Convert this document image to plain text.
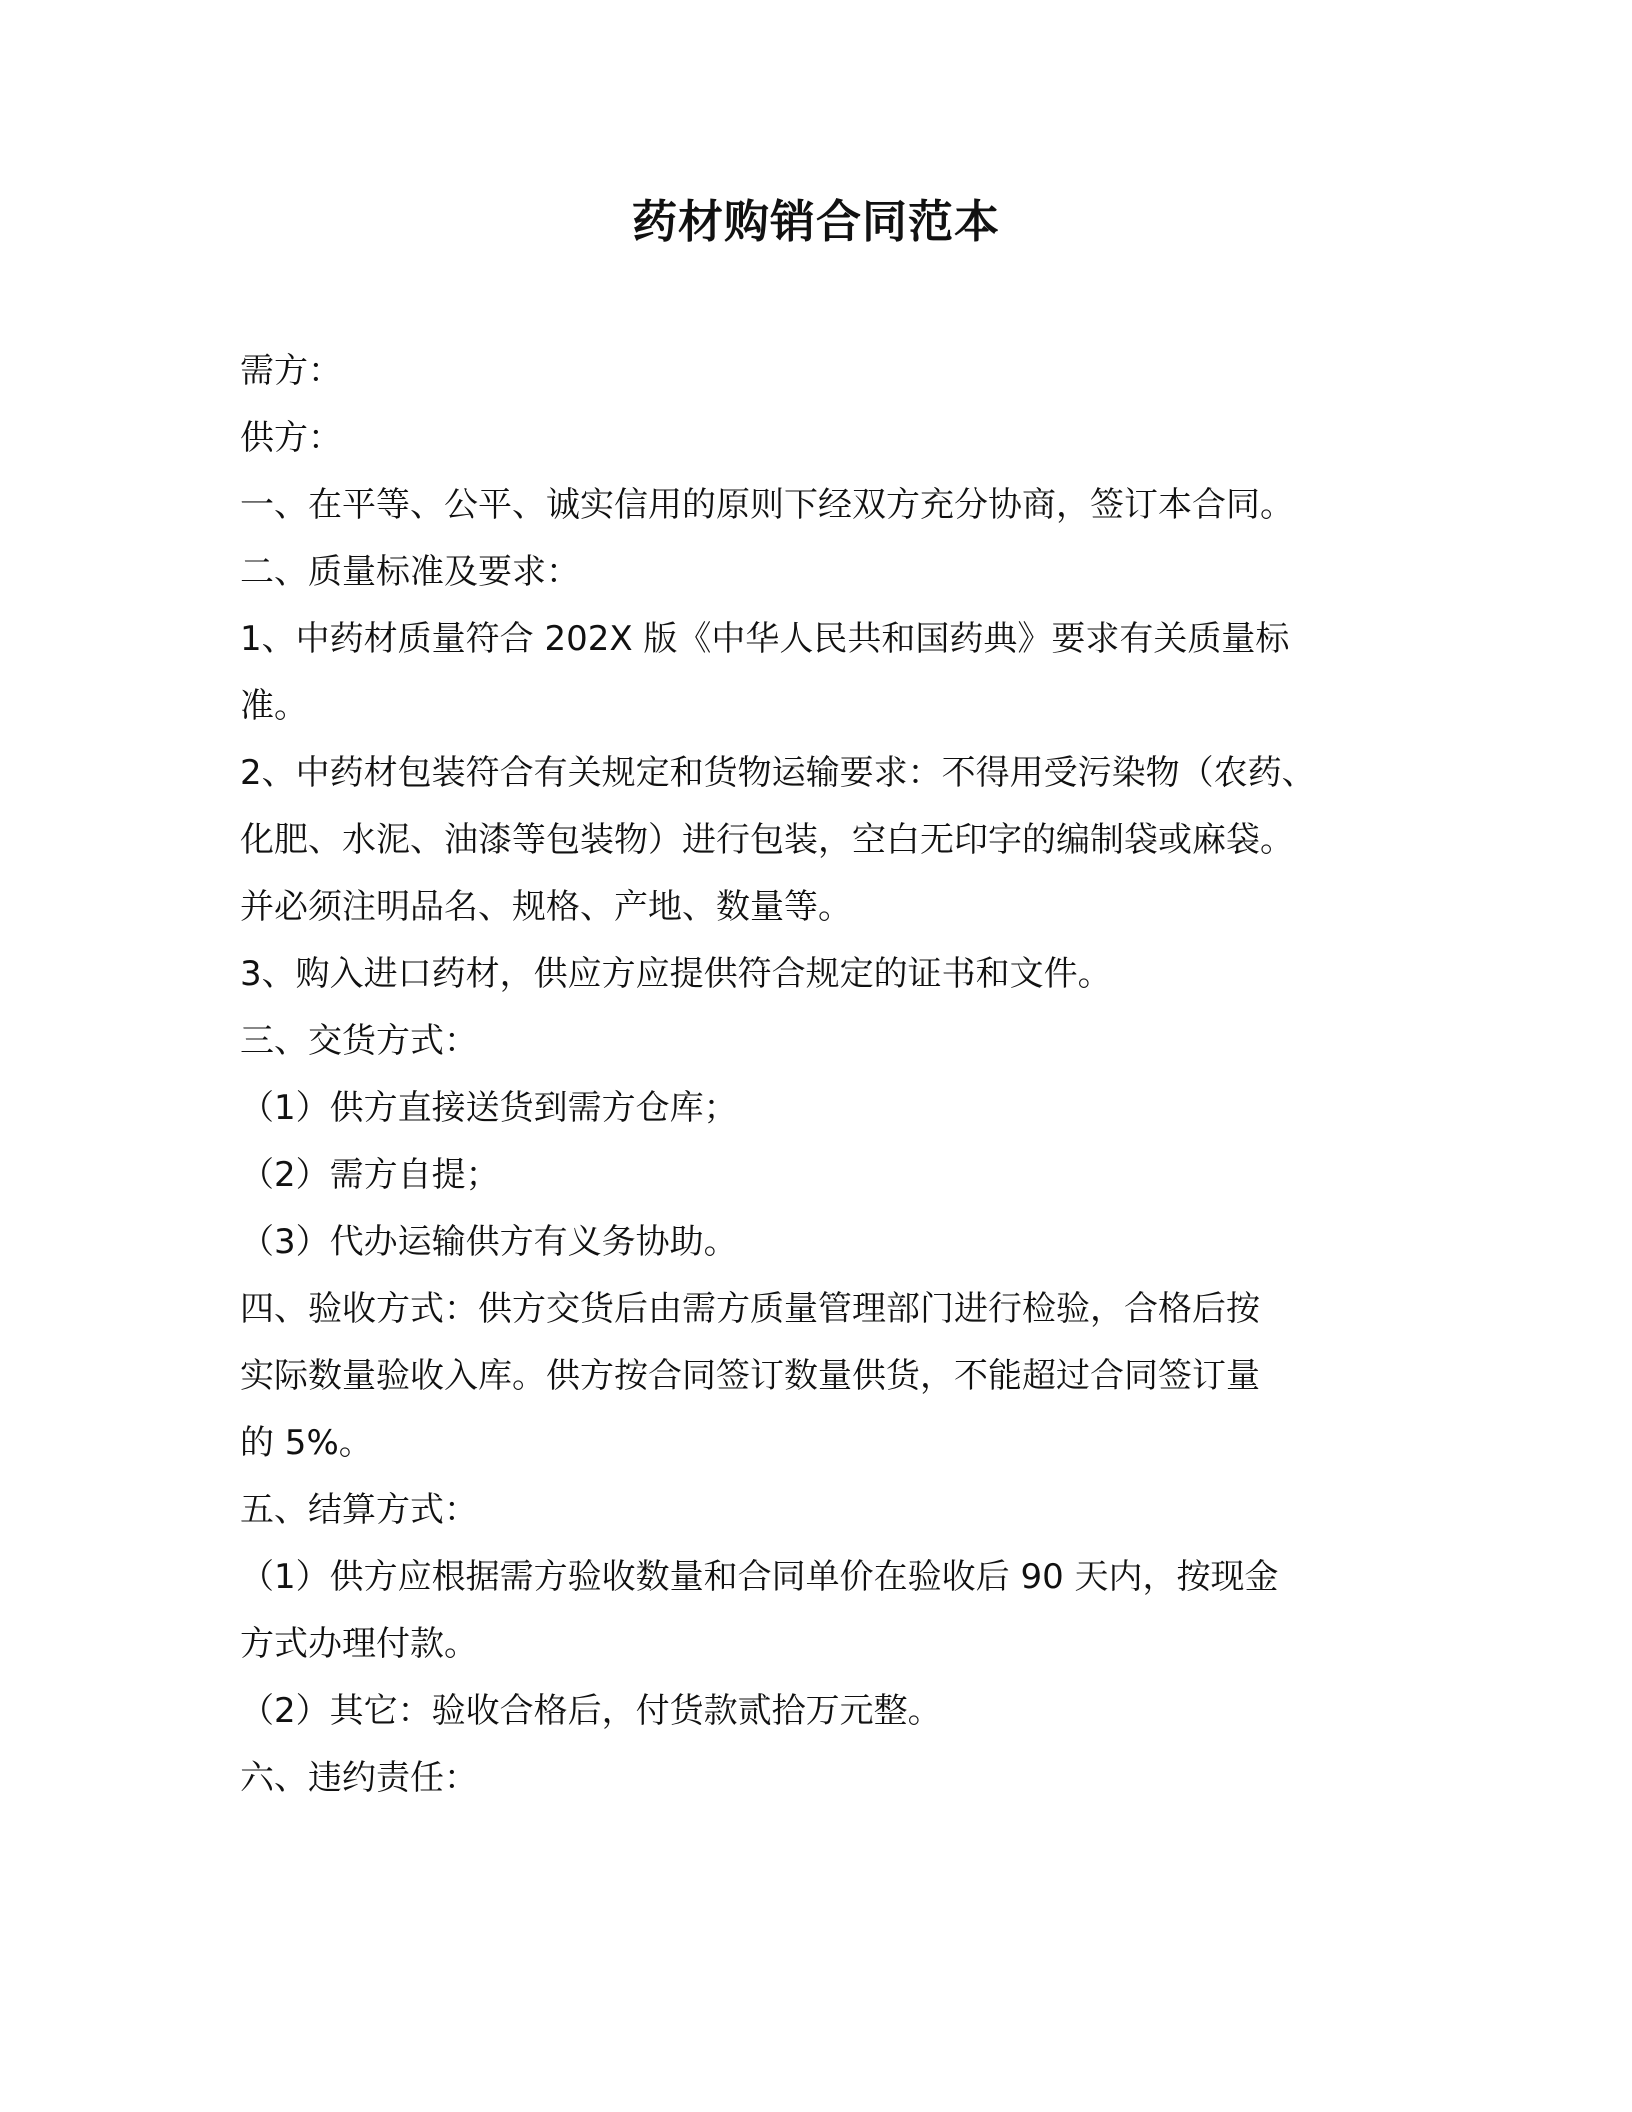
药材购销合同范本
需方：
供方：
一、在平等、公平、诚实信用的原则下经双方充分协商，签订本合同。
二、质量标准及要求：
1、中药材质量符合 202X 版《中华人民共和国药典》要求有关质量标
准。
2、中药材包装符合有关规定和货物运输要求：不得用受污染物（农药、
化肥、水泥、油漆等包装物）进行包装，空白无印字的编制袋或麻袋。
并必须注明品名、规格、产地、数量等。
3、购入进口药材，供应方应提供符合规定的证书和文件。
三、交货方式：
（1）供方直接送货到需方仓库；
（2）需方自提；
（3）代办运输供方有义务协助。
四、验收方式：供方交货后由需方质量管理部门进行检验，合格后按
实际数量验收入库。供方按合同签订数量供货，不能超过合同签订量
的 5%。
五、结算方式：
（1）供方应根据需方验收数量和合同单价在验收后 90 天内，按现金
方式办理付款。
（2）其它：验收合格后，付货款贰拾万元整。
六、违约责任：
